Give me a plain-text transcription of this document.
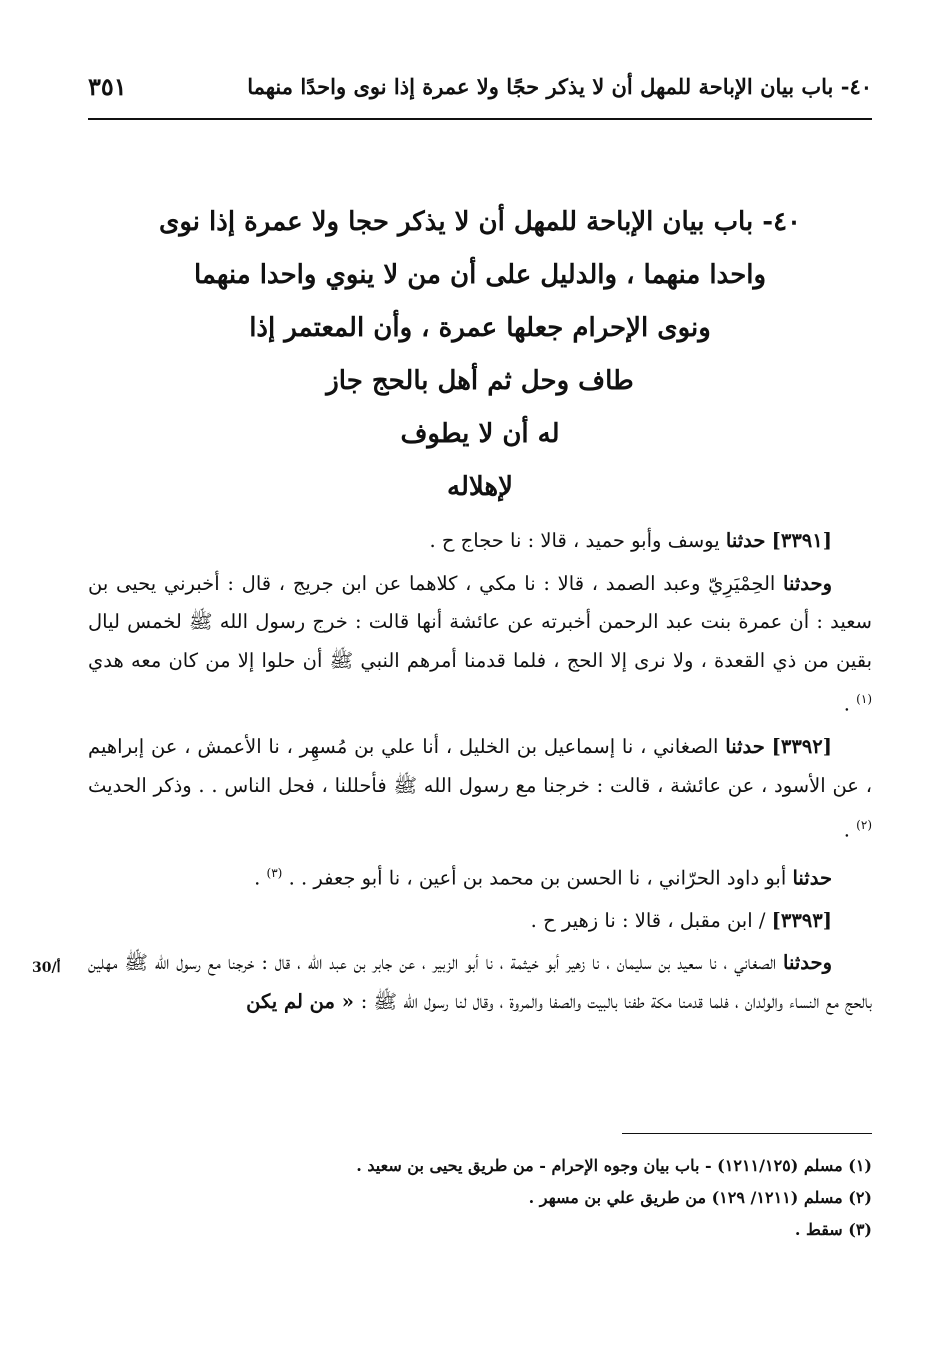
٤٠- باب بيان الإباحة للمهل أن لا يذكر حجًا ولا عمرة إذا نوى واحدًا منهما
٣٥١
٤٠- باب بيان الإباحة للمهل أن لا يذكر حجا ولا عمرة إذا نوى
واحدا منهما ، والدليل على أن من لا ينوي واحدا منهما
ونوى الإحرام جعلها عمرة ، وأن المعتمر إذا
طاف وحل ثم أهل بالحج جاز
له أن لا يطوف
لإهلاله

[٣٣٩١] حدثنا يوسف وأبو حميد ، قالا : نا حجاج ح .

وحدثنا الحِمْيَرِيّ وعبد الصمد ، قالا : نا مكي ، كلاهما عن ابن جريج ، قال : أخبرني يحيى بن سعيد : أن عمرة بنت عبد الرحمن أخبرته عن عائشة أنها قالت : خرج رسول الله ﷺ لخمس ليال بقين من ذي القعدة ، ولا نرى إلا الحج ، فلما قدمنا أمرهم النبي ﷺ أن حلوا إلا من كان معه هدي $^{(١)}$ .

[٣٣٩٢] حدثنا الصغاني ، نا إسماعيل بن الخليل ، أنا علي بن مُسهِر ، نا الأعمش ، عن إبراهيم ، عن الأسود ، عن عائشة ، قالت : خرجنا مع رسول الله ﷺ فأحللنا ، فحل الناس . . وذكر الحديث $^{(٢)}$ .

حدثنا أبو داود الحرّاني ، نا الحسن بن محمد بن أعين ، نا أبو جعفر . . $^{(٣)}$ .

[٣٣٩٣] / ابن مقبل ، قالا : نا زهير ح .

وحدثنا الصغاني ، نا سعيد بن سليمان ، نا زهير أبو خيثمة ، نا أبو الزبير ، عن جابر بن عبد الله ، قال : خرجنا مع رسول الله ﷺ مهلين بالحج مع النساء والولدان ، فلما قدمنا مكة طفنا بالبيت والصفا والمروة ، وقال لنا رسول الله ﷺ : « من لم يكن

30/أ

(١) مسلم (١٢١١/١٢٥) - باب بيان وجوه الإحرام - من طريق يحيى بن سعيد .

(٢) مسلم (١٢١١/ ١٢٩) من طريق علي بن مسهر .

(٣) سقط .
